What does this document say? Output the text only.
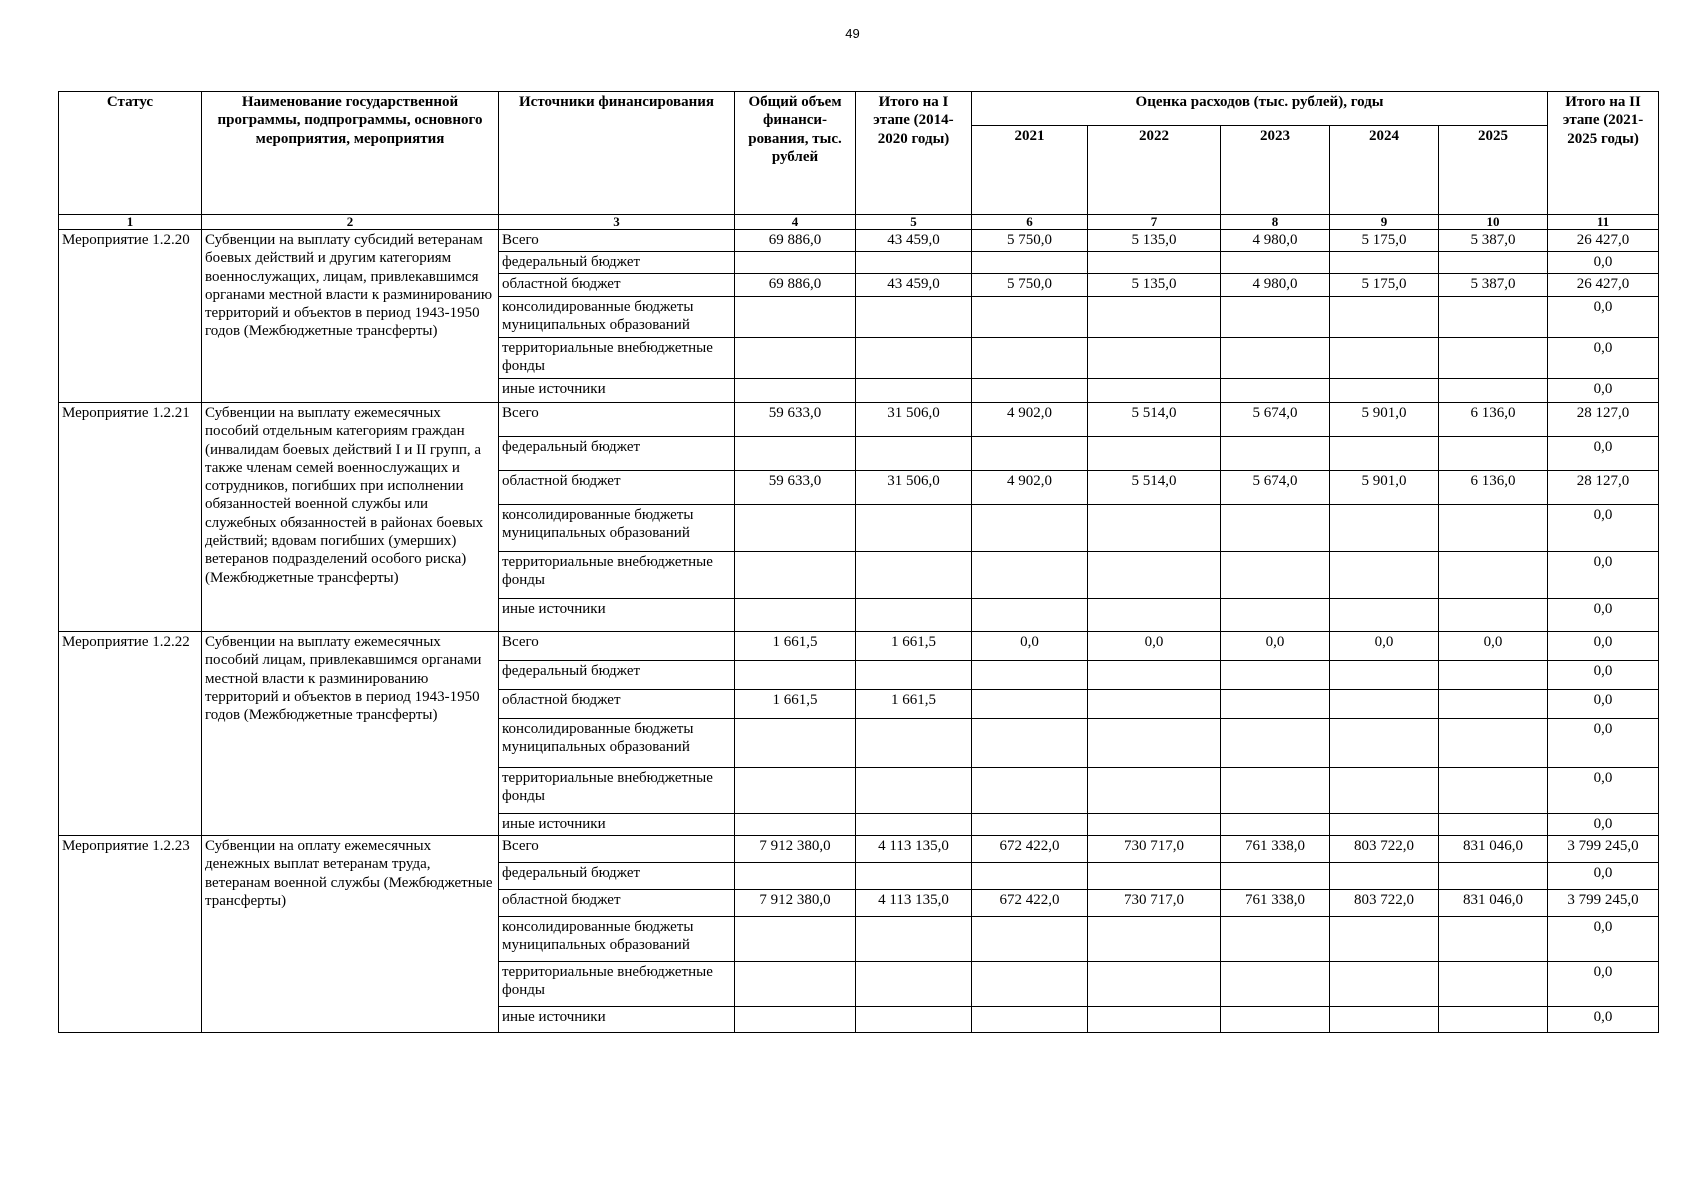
49
Статус	Наименование государственной программы, подпрограммы, основного мероприятия, мероприятия	Источники финансирования	Общий объем финанси-рования, тыс. рублей	Итого на I этапе (2014-2020 годы)	Оценка расходов (тыс. рублей), годы					Итого на II этапе (2021-2025 годы)
					2021	2022	2023	2024	2025	
1	2	3	4	5	6	7	8	9	10	11
Мероприятие 1.2.20	Субвенции на выплату субсидий ветеранам боевых действий и другим категориям военнослужащих, лицам, привлекавшимся органами местной власти к разминированию территорий и объектов в период 1943-1950 годов (Межбюджетные трансферты)	Всего	69 886,0	43 459,0	5 750,0	5 135,0	4 980,0	5 175,0	5 387,0	26 427,0
		федеральный бюджет								0,0
		областной бюджет	69 886,0	43 459,0	5 750,0	5 135,0	4 980,0	5 175,0	5 387,0	26 427,0
		консолидированные бюджеты муниципальных образований								0,0
		территориальные внебюджетные фонды								0,0
		иные источники								0,0
Мероприятие 1.2.21	Субвенции на выплату ежемесячных пособий отдельным категориям граждан (инвалидам боевых действий I и II групп, а также членам семей военнослужащих и сотрудников, погибших при исполнении обязанностей военной службы или служебных обязанностей в районах боевых действий; вдовам погибших (умерших) ветеранов подразделений особого риска) (Межбюджетные трансферты)	Всего	59 633,0	31 506,0	4 902,0	5 514,0	5 674,0	5 901,0	6 136,0	28 127,0
		федеральный бюджет								0,0
		областной бюджет	59 633,0	31 506,0	4 902,0	5 514,0	5 674,0	5 901,0	6 136,0	28 127,0
		консолидированные бюджеты муниципальных образований								0,0
		территориальные внебюджетные фонды								0,0
		иные источники								0,0
Мероприятие 1.2.22	Субвенции на выплату ежемесячных пособий лицам, привлекавшимся органами местной власти к разминированию территорий и объектов в период 1943-1950 годов (Межбюджетные трансферты)	Всего	1 661,5	1 661,5	0,0	0,0	0,0	0,0	0,0	0,0
		федеральный бюджет								0,0
		областной бюджет	1 661,5	1 661,5						0,0
		консолидированные бюджеты муниципальных образований								0,0
		территориальные внебюджетные фонды								0,0
		иные источники								0,0
Мероприятие 1.2.23	Субвенции на оплату ежемесячных денежных выплат ветеранам труда, ветеранам военной службы (Межбюджетные трансферты)	Всего	7 912 380,0	4 113 135,0	672 422,0	730 717,0	761 338,0	803 722,0	831 046,0	3 799 245,0
		федеральный бюджет								0,0
		областной бюджет	7 912 380,0	4 113 135,0	672 422,0	730 717,0	761 338,0	803 722,0	831 046,0	3 799 245,0
		консолидированные бюджеты муниципальных образований								0,0
		территориальные внебюджетные фонды								0,0
		иные источники								0,0
